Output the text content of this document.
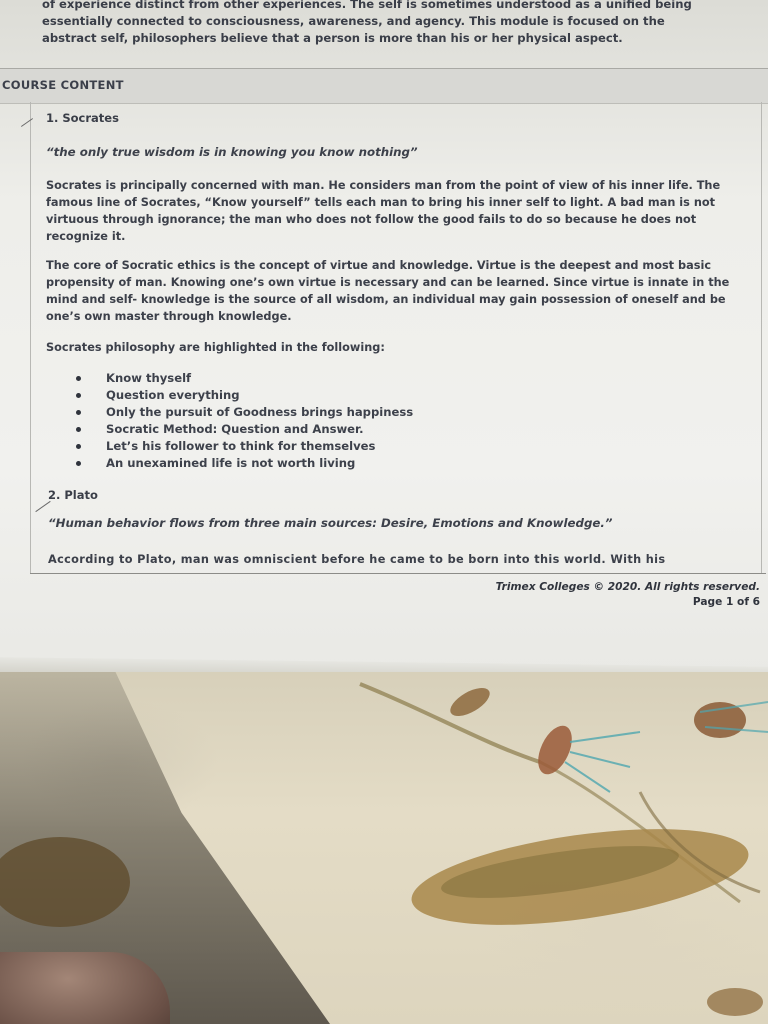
of experience distinct from other experiences. The self is sometimes understood as a unified being
essentially connected to consciousness, awareness, and agency. This module is focused on the
abstract self, philosophers believe that a person is more than his or her physical aspect.

COURSE CONTENT
1. Socrates

“the only true wisdom is in knowing you know nothing”

Socrates is principally concerned with man. He considers man from the point of view of his inner life. The famous line of Socrates, “Know yourself” tells each man to bring his inner self to light. A bad man is not virtuous through ignorance; the man who does not follow the good fails to do so because he does not recognize it.

The core of Socratic ethics is the concept of virtue and knowledge. Virtue is the deepest and most basic propensity of man. Knowing one’s own virtue is necessary and can be learned. Since virtue is innate in the mind and self- knowledge is the source of all wisdom, an individual may gain possession of oneself and be one’s own master through knowledge.

Socrates philosophy are highlighted in the following:

Know thyself
Question everything
Only the pursuit of Goodness brings happiness
Socratic Method: Question and Answer.
Let’s his follower to think for themselves
An unexamined life is not worth living
2. Plato

“Human behavior flows from three main sources: Desire, Emotions and Knowledge.”

According to Plato, man was omniscient before he came to be born into this world. With his

Trimex Colleges © 2020. All rights reserved.
Page 1 of 6
